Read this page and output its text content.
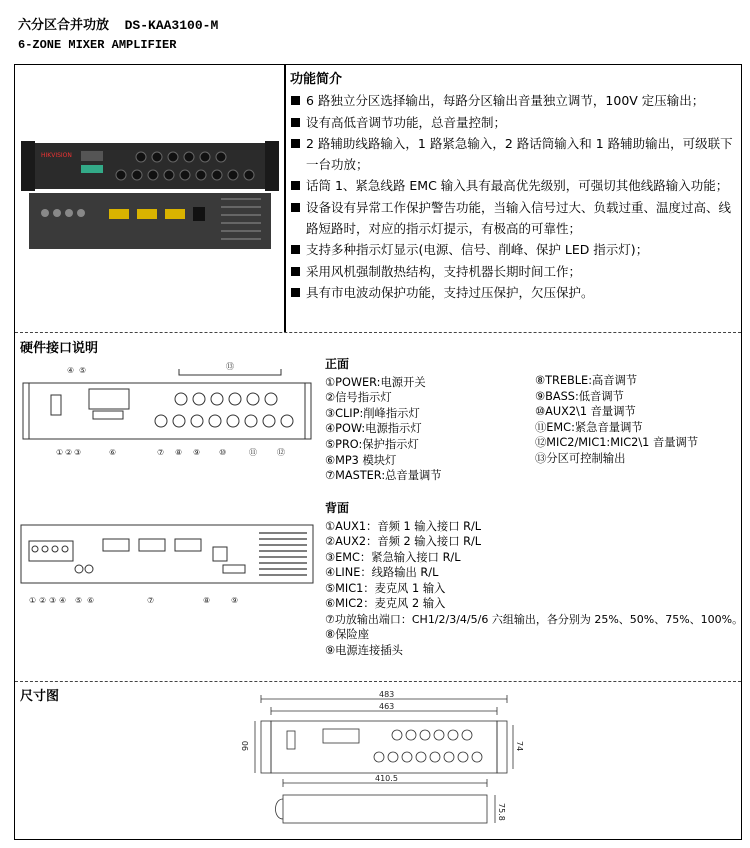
六分区合并功放 DS-KAA3100-M
6-ZONE MIXER AMPLIFIER
HIKVISION
功能简介
6 路独立分区选择输出，每路分区输出音量独立调节，100V 定压输出；
设有高低音调节功能，总音量控制；
2 路辅助线路输入，1 路紧急输入，2 路话筒输入和 1 路辅助输出，可级联下一台功放；
话筒 1、紧急线路 EMC 输入具有最高优先级别，可强切其他线路输入功能；
设备设有异常工作保护警告功能，当输入信号过大、负载过重、温度过高、线路短路时，对应的指示灯提示，有极高的可靠性；
支持多种指示灯显示(电源、信号、削峰、保护 LED 指示灯)；
采用风机强制散热结构，支持机器长期时间工作；
具有市电波动保护功能，支持过压保护，欠压保护。
硬件接口说明
① ② ③
④ ⑤
⑥	⑦ ⑧ ⑨ ⑩	⑪	⑫
⑬	正面
①POWER:电源开关
②信号指示灯
③CLIP:削峰指示灯
④POW:电源指示灯
⑤PRO:保护指示灯
⑥MP3 模块灯
⑦MASTER:总音量调节
⑧TREBLE:高音调节
⑨BASS:低音调节
⑩AUX2\1 音量调节
⑪EMC:紧急音量调节
⑫MIC2/MIC1:MIC2\1 音量调节
⑬分区可控制输出
① ② ③ ④ ⑤ ⑥	⑦	⑧	⑨
背面
①AUX1：音频 1 输入接口 R/L
②AUX2：音频 2 输入接口 R/L
③EMC：紧急输入接口 R/L
④LINE：线路输出 R/L
⑤MIC1：麦克风 1 输入
⑥MIC2：麦克风 2 输入
⑦功放输出端口：CH1/2/3/4/5/6 六组输出，各分别为 25%、50%、75%、100%。
⑧保险座
⑨电源连接插头
尺寸图	483
463
90	74
410.5
75.8
